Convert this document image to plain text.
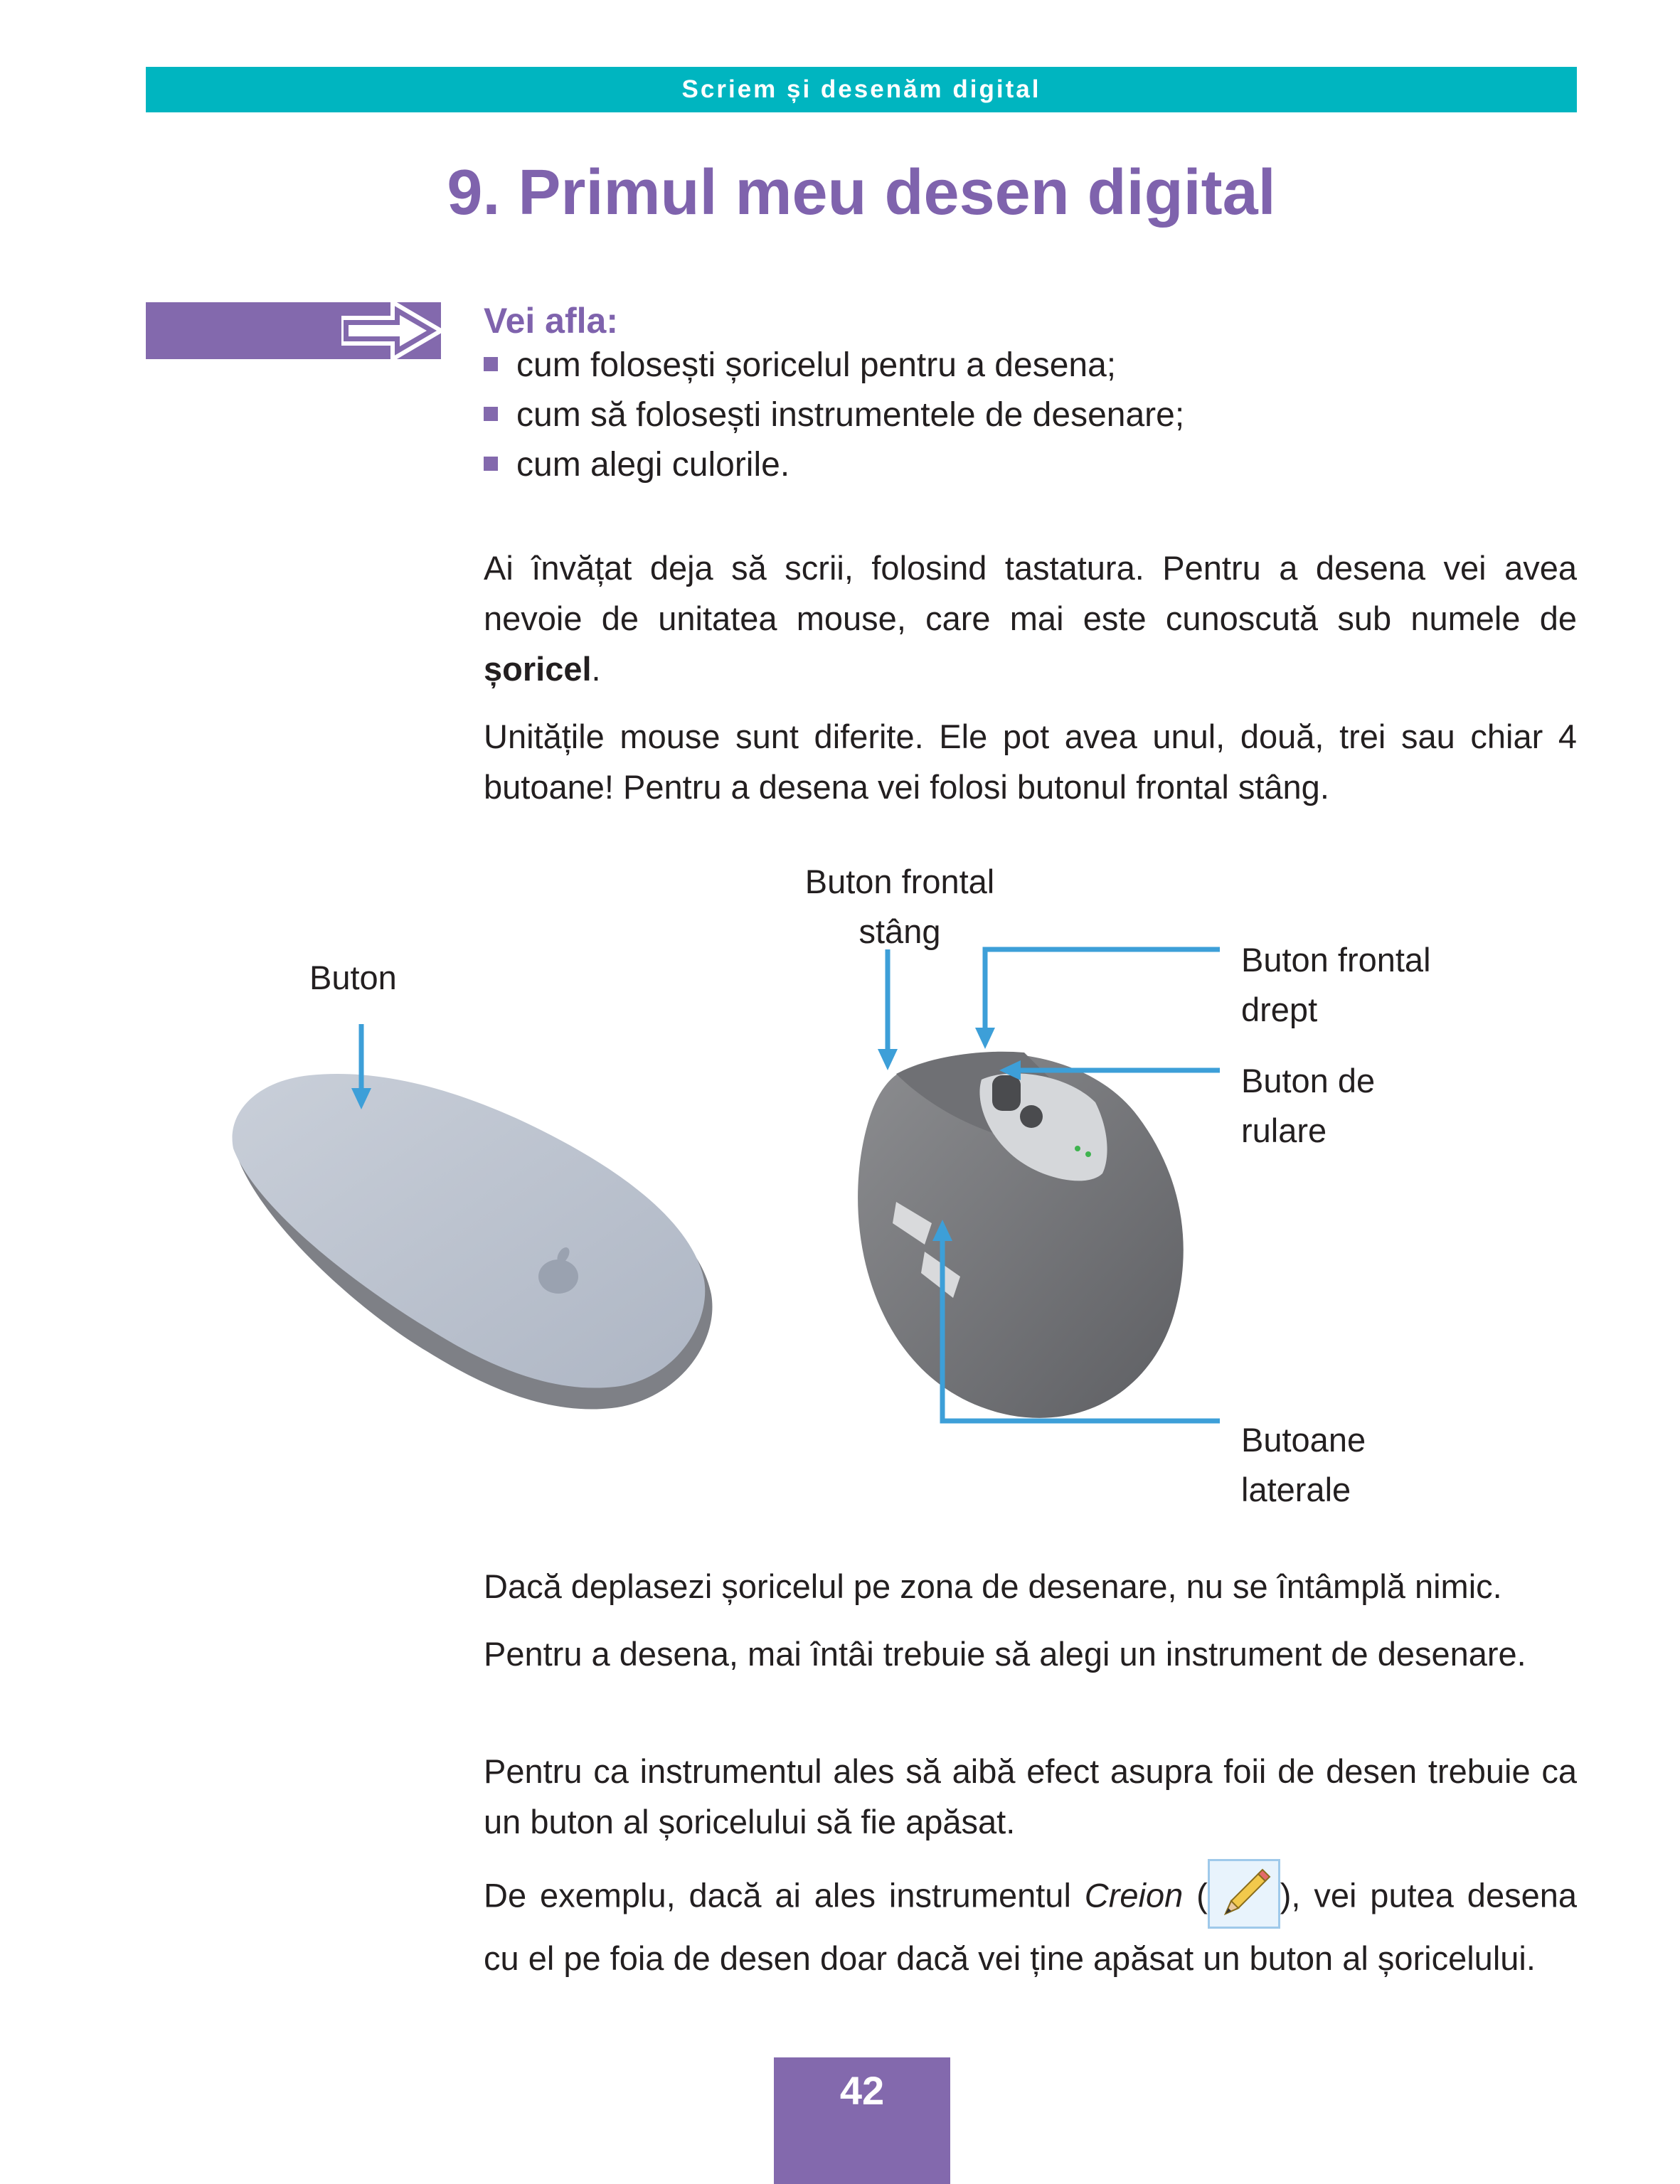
Scriem și desenăm digital
9. Primul meu desen digital
Vei afla:
cum folosești șoricelul pentru a desena;
cum să folosești instrumentele de desenare;
cum alegi culorile.
Ai învățat deja să scrii, folosind tastatura. Pentru a desena vei avea nevoie de unitatea mouse, care mai este cunoscută sub numele de șoricel.
Unitățile mouse sunt diferite. Ele pot avea unul, două, trei sau chiar 4 butoane! Pentru a desena vei folosi butonul frontal stâng.
Buton
Buton frontal stâng
Buton frontal drept
Buton de rulare
Butoane laterale
Dacă deplasezi șoricelul pe zona de desenare, nu se întâmplă nimic.
Pentru a desena, mai întâi trebuie să alegi un instrument de desenare.
Pentru ca instrumentul ales să aibă efect asupra foii de desen trebuie ca un buton al șoricelului să fie apăsat.
De exemplu, dacă ai ales instrumentul Creion ( ), vei putea desena cu el pe foia de desen doar dacă vei ține apăsat un buton al șoricelului.
42
